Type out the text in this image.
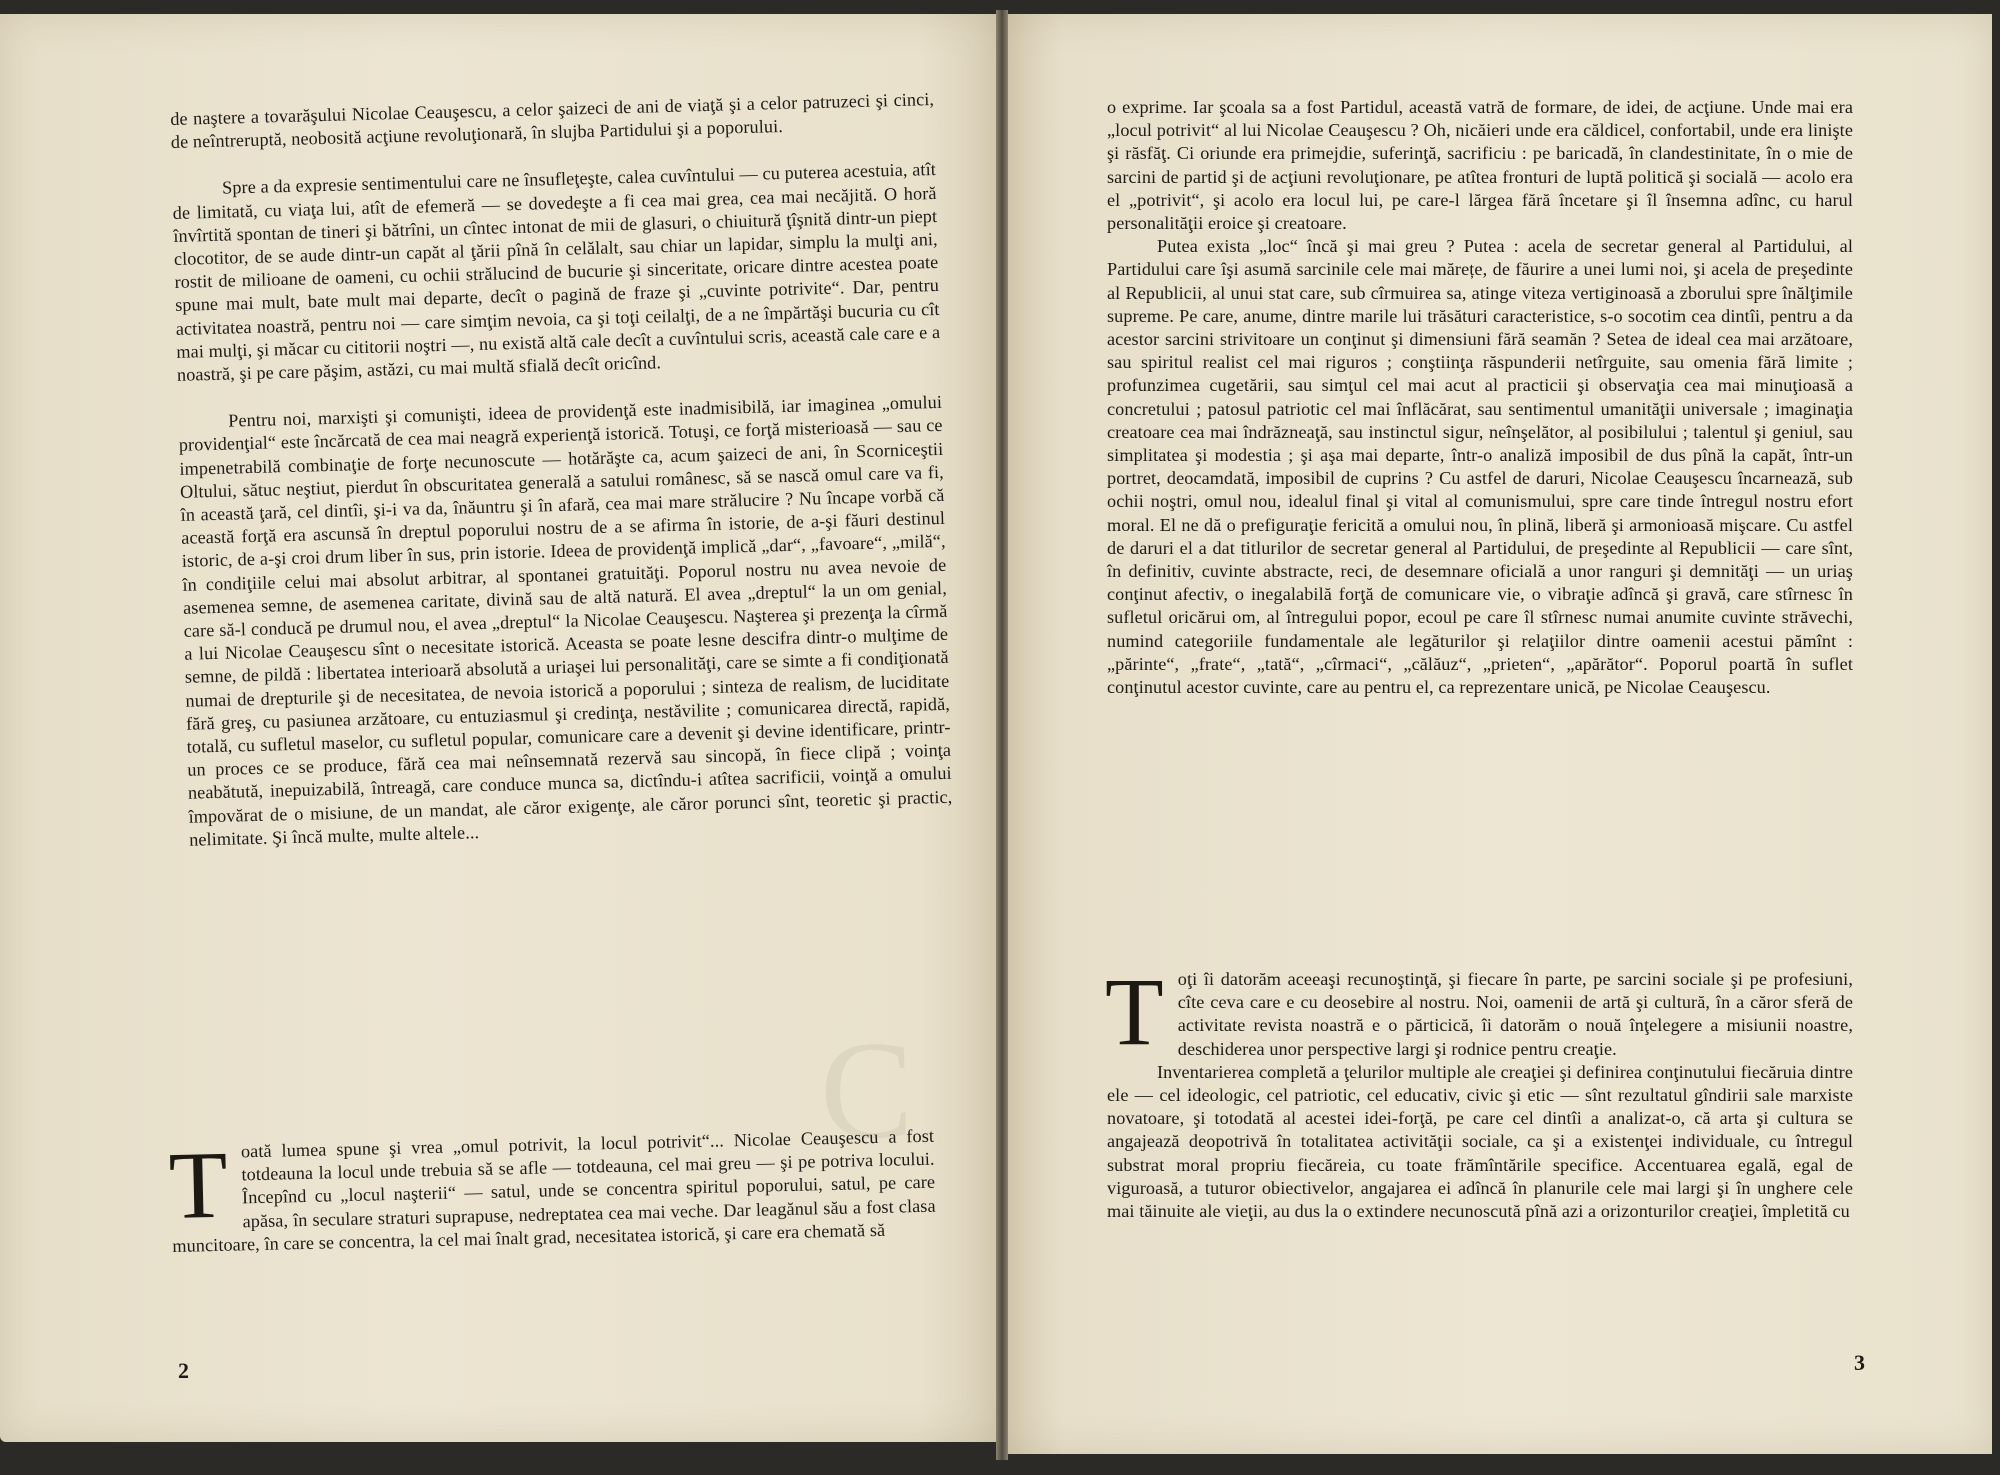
de naştere a tovarăşului Nicolae Ceauşescu, a celor şaizeci de ani de viaţă şi a celor patruzeci şi cinci, de neîntreruptă, neobosită acţiune revoluţionară, în slujba Partidului şi a poporului.

Spre a da expresie sentimentului care ne însufleţeşte, calea cuvîntului — cu puterea acestuia, atît de limitată, cu viaţa lui, atît de efemeră — se dovedeşte a fi cea mai grea, cea mai necăjită. O horă învîrtită spontan de tineri şi bătrîni, un cîntec intonat de mii de glasuri, o chiuitură ţîşnită dintr-un piept clocotitor, de se aude dintr-un capăt al ţării pînă în celălalt, sau chiar un lapidar, simplu la mulţi ani, rostit de milioane de oameni, cu ochii strălucind de bucurie şi sinceritate, oricare dintre acestea poate spune mai mult, bate mult mai departe, decît o pagină de fraze şi „cuvinte potrivite“. Dar, pentru activitatea noastră, pentru noi — care simţim nevoia, ca şi toţi ceilalţi, de a ne împărtăşi bucuria cu cît mai mulţi, şi măcar cu cititorii noştri —, nu există altă cale decît a cuvîntului scris, această cale care e a noastră, şi pe care păşim, astăzi, cu mai multă sfială decît oricînd.

Pentru noi, marxişti şi comunişti, ideea de providenţă este inadmisibilă, iar imaginea „omului providenţial“ este încărcată de cea mai neagră experienţă istorică. Totuşi, ce forţă misterioasă — sau ce impenetrabilă combinaţie de forţe necunoscute — hotărăşte ca, acum şaizeci de ani, în Scorniceştii Oltului, sătuc neştiut, pierdut în obscuritatea generală a satului românesc, să se nască omul care va fi, în această ţară, cel dintîi, şi-i va da, înăuntru şi în afară, cea mai mare strălucire ? Nu încape vorbă că această forţă era ascunsă în dreptul poporului nostru de a se afirma în istorie, de a-şi făuri destinul istoric, de a-şi croi drum liber în sus, prin istorie. Ideea de providenţă implică „dar“, „favoare“, „milă“, în condiţiile celui mai absolut arbitrar, al spontanei gratuităţi. Poporul nostru nu avea nevoie de asemenea semne, de asemenea caritate, divină sau de altă natură. El avea „dreptul“ la un om genial, care să-l conducă pe drumul nou, el avea „dreptul“ la Nicolae Ceauşescu. Naşterea şi prezenţa la cîrmă a lui Nicolae Ceauşescu sînt o necesitate istorică. Aceasta se poate lesne descifra dintr-o mulţime de semne, de pildă : libertatea interioară absolută a uriaşei lui personalităţi, care se simte a fi condiţionată numai de drepturile şi de necesitatea, de nevoia istorică a poporului ; sinteza de realism, de luciditate fără greş, cu pasiunea arzătoare, cu entuziasmul şi credinţa, nestăvilite ; comunicarea directă, rapidă, totală, cu sufletul maselor, cu sufletul popular, comunicare care a devenit şi devine identificare, printr-un proces ce se produce, fără cea mai neînsemnată rezervă sau sincopă, în fiece clipă ; voinţa neabătută, inepuizabilă, întreagă, care conduce munca sa, dictîndu-i atîtea sacrificii, voinţă a omului împovărat de o misiune, de un mandat, ale căror exigenţe, ale căror porunci sînt, teoretic şi practic, nelimitate. Şi încă multe, multe altele...

C

Toată lumea spune şi vrea „omul potrivit, la locul potrivit“... Nicolae Ceauşescu a fost totdeauna la locul unde trebuia să se afle — totdeauna, cel mai greu — şi pe potriva locului. Începînd cu „locul naşterii“ — satul, unde se concentra spiritul poporului, satul, pe care apăsa, în seculare straturi suprapuse, nedreptatea cea mai veche. Dar leagănul său a fost clasa muncitoare, în care se concentra, la cel mai înalt grad, necesitatea istorică, şi care era chemată să

2

o exprime. Iar şcoala sa a fost Partidul, această vatră de formare, de idei, de acţiune. Unde mai era „locul potrivit“ al lui Nicolae Ceauşescu ? Oh, nicăieri unde era căldicel, confortabil, unde era linişte şi răsfăţ. Ci oriunde era primejdie, suferinţă, sacrificiu : pe baricadă, în clandestinitate, în o mie de sarcini de partid şi de acţiuni revoluţionare, pe atîtea fronturi de luptă politică şi socială — acolo era el „potrivit“, şi acolo era locul lui, pe care-l lărgea fără încetare şi îl însemna adînc, cu harul personalităţii eroice şi creatoare.

Putea exista „loc“ încă şi mai greu ? Putea : acela de secretar general al Partidului, al Partidului care îşi asumă sarcinile cele mai mărețe, de făurire a unei lumi noi, şi acela de preşedinte al Republicii, al unui stat care, sub cîrmuirea sa, atinge viteza vertiginoasă a zborului spre înălţimile supreme. Pe care, anume, dintre marile lui trăsături caracteristice, s-o socotim cea dintîi, pentru a da acestor sarcini strivitoare un conţinut şi dimensiuni fără seamăn ? Setea de ideal cea mai arzătoare, sau spiritul realist cel mai riguros ; conştiinţa răspunderii netîrguite, sau omenia fără limite ; profunzimea cugetării, sau simţul cel mai acut al practicii şi observaţia cea mai minuţioasă a concretului ; patosul patriotic cel mai înflăcărat, sau sentimentul umanităţii universale ; imaginaţia creatoare cea mai îndrăzneaţă, sau instinctul sigur, neînşelător, al posibilului ; talentul şi geniul, sau simplitatea şi modestia ; şi aşa mai departe, într-o analiză imposibil de dus pînă la capăt, într-un portret, deocamdată, imposibil de cuprins ? Cu astfel de daruri, Nicolae Ceauşescu încarnează, sub ochii noştri, omul nou, idealul final şi vital al comunismului, spre care tinde întregul nostru efort moral. El ne dă o prefiguraţie fericită a omului nou, în plină, liberă şi armonioasă mişcare. Cu astfel de daruri el a dat titlurilor de secretar general al Partidului, de preşedinte al Republicii — care sînt, în definitiv, cuvinte abstracte, reci, de desemnare oficială a unor ranguri şi demnităţi — un uriaş conţinut afectiv, o inegalabilă forţă de comunicare vie, o vibraţie adîncă şi gravă, care stîrnesc în sufletul oricărui om, al întregului popor, ecoul pe care îl stîrnesc numai anumite cuvinte străvechi, numind categoriile fundamentale ale legăturilor şi relaţiilor dintre oamenii acestui pămînt : „părinte“, „frate“, „tată“, „cîrmaci“, „călăuz“, „prieten“, „apărător“. Poporul poartă în suflet conţinutul acestor cuvinte, care au pentru el, ca reprezentare unică, pe Nicolae Ceauşescu.

Toţi îi datorăm aceeaşi recunoştinţă, şi fiecare în parte, pe sarcini sociale şi pe profesiuni, cîte ceva care e cu deosebire al nostru. Noi, oamenii de artă şi cultură, în a căror sferă de activitate revista noastră e o părticică, îi datorăm o nouă înţelegere a misiunii noastre, deschiderea unor perspective largi şi rodnice pentru creaţie.

Inventarierea completă a ţelurilor multiple ale creaţiei şi definirea conţinutului fiecăruia dintre ele — cel ideologic, cel patriotic, cel educativ, civic şi etic — sînt rezultatul gîndirii sale marxiste novatoare, şi totodată al acestei idei-forţă, pe care cel dintîi a analizat-o, că arta şi cultura se angajează deopotrivă în totalitatea activităţii sociale, ca şi a existenţei individuale, cu întregul substrat moral propriu fiecăreia, cu toate frămîntările specifice. Accentuarea egală, egal de viguroasă, a tuturor obiectivelor, angajarea ei adîncă în planurile cele mai largi şi în unghere cele mai tăinuite ale vieţii, au dus la o extindere necunoscută pînă azi a orizonturilor creaţiei, împletită cu

3
